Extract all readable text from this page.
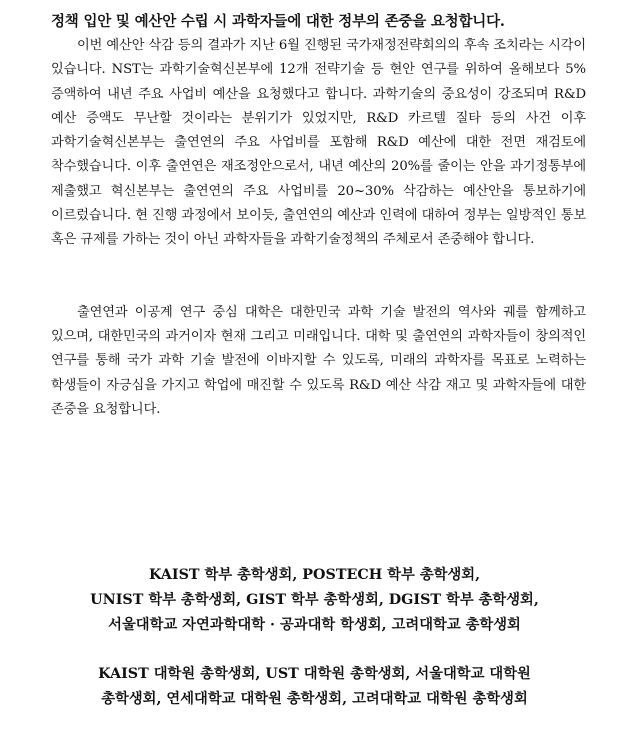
정책 입안 및 예산안 수립 시 과학자들에 대한 정부의 존중을 요청합니다.

이번 예산안 삭감 등의 결과가 지난 6월 진행된 국가재정전략회의의 후속 조치라는 시각이 있습니다. NST는 과학기술혁신본부에 12개 전략기술 등 현안 연구를 위하여 올해보다 5% 증액하여 내년 주요 사업비 예산을 요청했다고 합니다. 과학기술의 중요성이 강조되며 R&D 예산 증액도 무난할 것이라는 분위기가 있었지만, R&D 카르텔 질타 등의 사건 이후 과학기술혁신본부는 출연연의 주요 사업비를 포함해 R&D 예산에 대한 전면 재검토에 착수했습니다. 이후 출연연은 재조정안으로서, 내년 예산의 20%를 줄이는 안을 과기정통부에 제출했고 혁신본부는 출연연의 주요 사업비를 20~30% 삭감하는 예산안을 통보하기에 이르렀습니다. 현 진행 과정에서 보이듯, 출연연의 예산과 인력에 대하여 정부는 일방적인 통보 혹은 규제를 가하는 것이 아닌 과학자들을 과학기술정책의 주체로서 존중해야 합니다.

출연연과 이공계 연구 중심 대학은 대한민국 과학 기술 발전의 역사와 궤를 함께하고 있으며, 대한민국의 과거이자 현재 그리고 미래입니다. 대학 및 출연연의 과학자들이 창의적인 연구를 통해 국가 과학 기술 발전에 이바지할 수 있도록, 미래의 과학자를 목표로 노력하는 학생들이 자긍심을 가지고 학업에 매진할 수 있도록 R&D 예산 삭감 재고 및 과학자들에 대한 존중을 요청합니다.

KAIST 학부 총학생회, POSTECH 학부 총학생회,
UNIST 학부 총학생회, GIST 학부 총학생회, DGIST 학부 총학생회,
서울대학교 자연과학대학 · 공과대학 학생회, 고려대학교 총학생회
KAIST 대학원 총학생회, UST 대학원 총학생회, 서울대학교 대학원
총학생회, 연세대학교 대학원 총학생회, 고려대학교 대학원 총학생회
